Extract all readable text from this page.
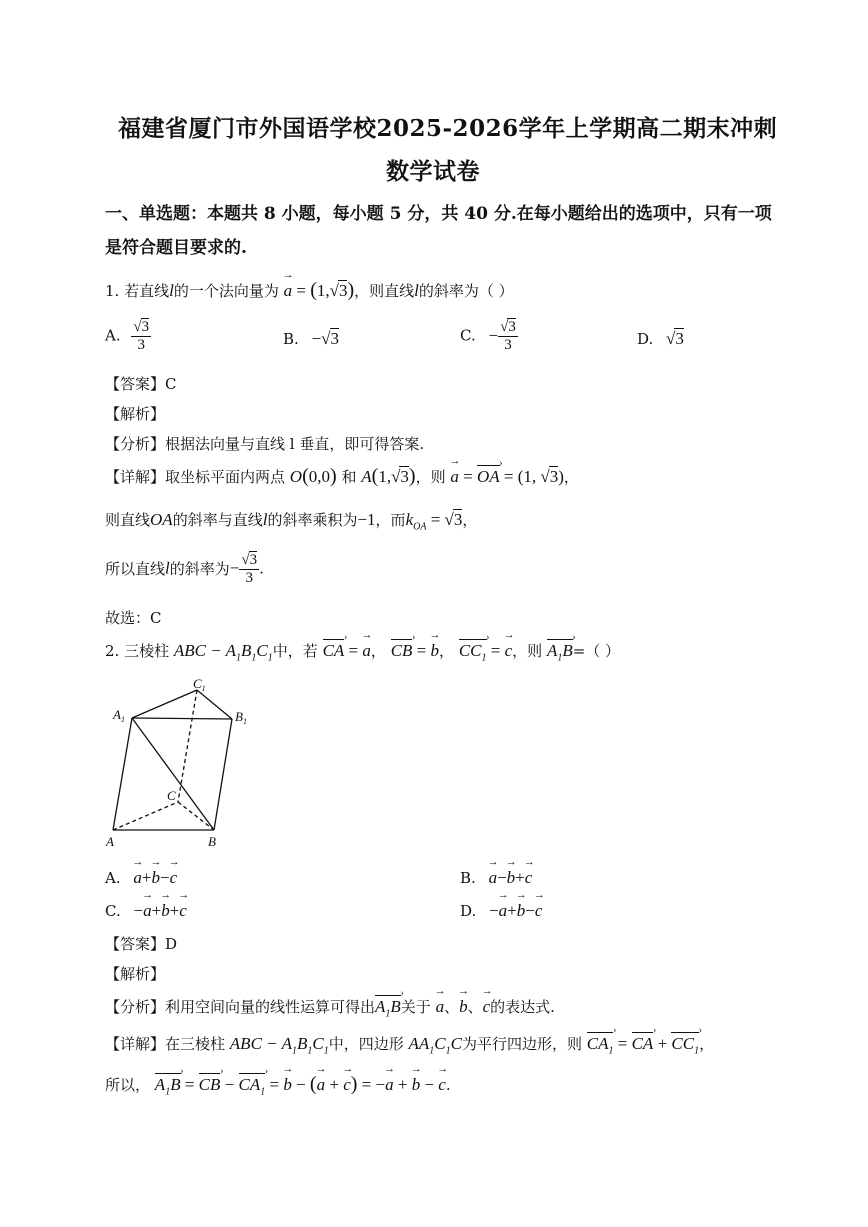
福建省厦门市外国语学校2025-2026学年上学期高二期末冲刺
数学试卷
一、单选题：本题共 8 小题，每小题 5 分，共 40 分.在每小题给出的选项中，只有一项
是符合题目要求的.
1. 若直线l的一个法向量为 → a = (1,√3)，则直线l的斜率为（ ）
A. $\frac{√3}{3}$	B. −√3	C. − $\frac{√3}{3}$	D. √3
【答案】C
【解析】
【分析】根据法向量与直线 l 垂直，即可得答案.
【详解】取坐标平面内两点 O(0,0) 和 A(1,√3)，则 → a = OA › = (1, √3)，
则直线OA的斜率与直线l的斜率乘积为−1，而$k_{OA} = √3$，
所以直线l的斜率为− $\frac{√3}{3}$ .
故选：C
2. 三棱柱 ABC − $A_1B_1C_1$中，若 CA › = → a， CB › = → b， $CC_1$ › = → c，则 $A_1B$ ›=（ ）
$C_1$
$A_1$	$B_1$
C
A	B
A. → a+→ b−→ c	B. → a−→ b+→ c
C. −→ a+→ b+→ c	D. −→ a+→ b−→ c
【答案】D
【解析】
【分析】利用空间向量的线性运算可得出$A_1B$ ›关于 → a、→ b、→ c的表达式.
【详解】在三棱柱 ABC − $A_1B_1C_1$中，四边形 $AA_1C_1C$为平行四边形，则 $CA_1$ › = CA › + $CC_1$ ›，
所以， $A_1B$ › = CB › − $CA_1$ › = → b − (→ a + → c) = −→ a + → b − → c.
